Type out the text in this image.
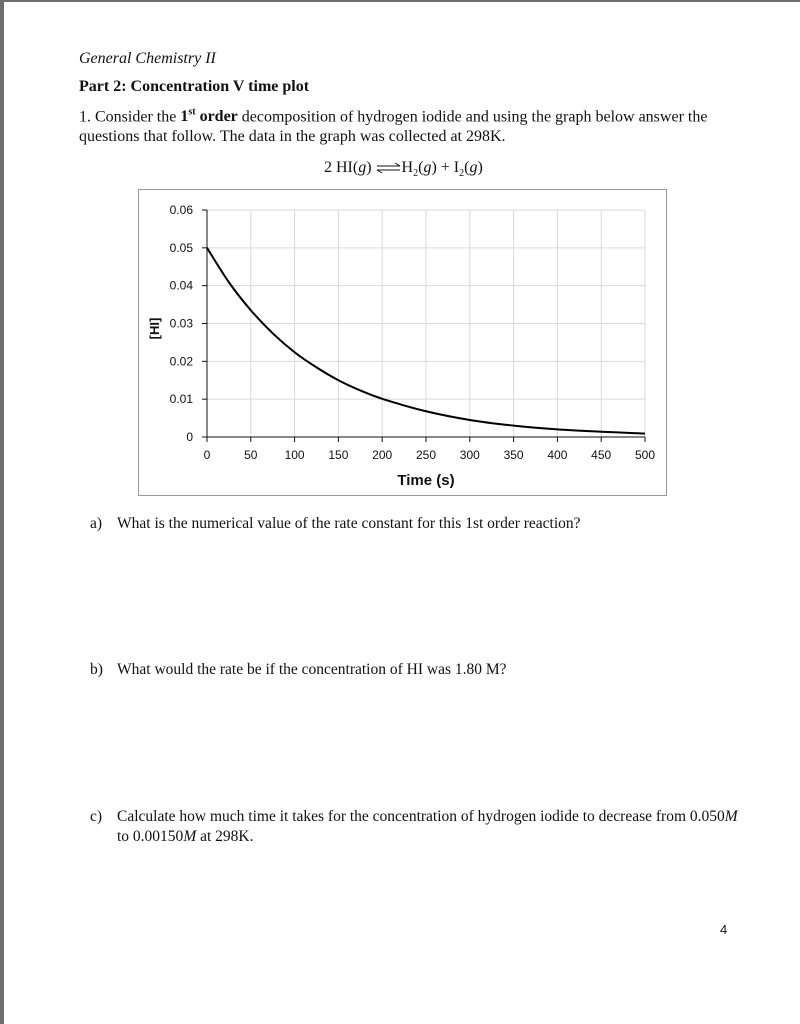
General Chemistry II
Part 2: Concentration V time plot
1. Consider the 1st order decomposition of hydrogen iodide and using the graph below answer the questions that follow. The data in the graph was collected at 298K.
2 HI(g) $\rightleftharpoons H_2(g) + I_2(g)$
0	50 100 150 200 250 300 350 400 450 500
0
0.01
0.02
0.03
0.04
0.05
0.06
Time (s)
[HI]
a) What is the numerical value of the rate constant for this 1st order reaction?
b) What would the rate be if the concentration of HI was 1.80 M?
c) Calculate how much time it takes for the concentration of hydrogen iodide to decrease from 0.050M to 0.00150M at 298K.
4
